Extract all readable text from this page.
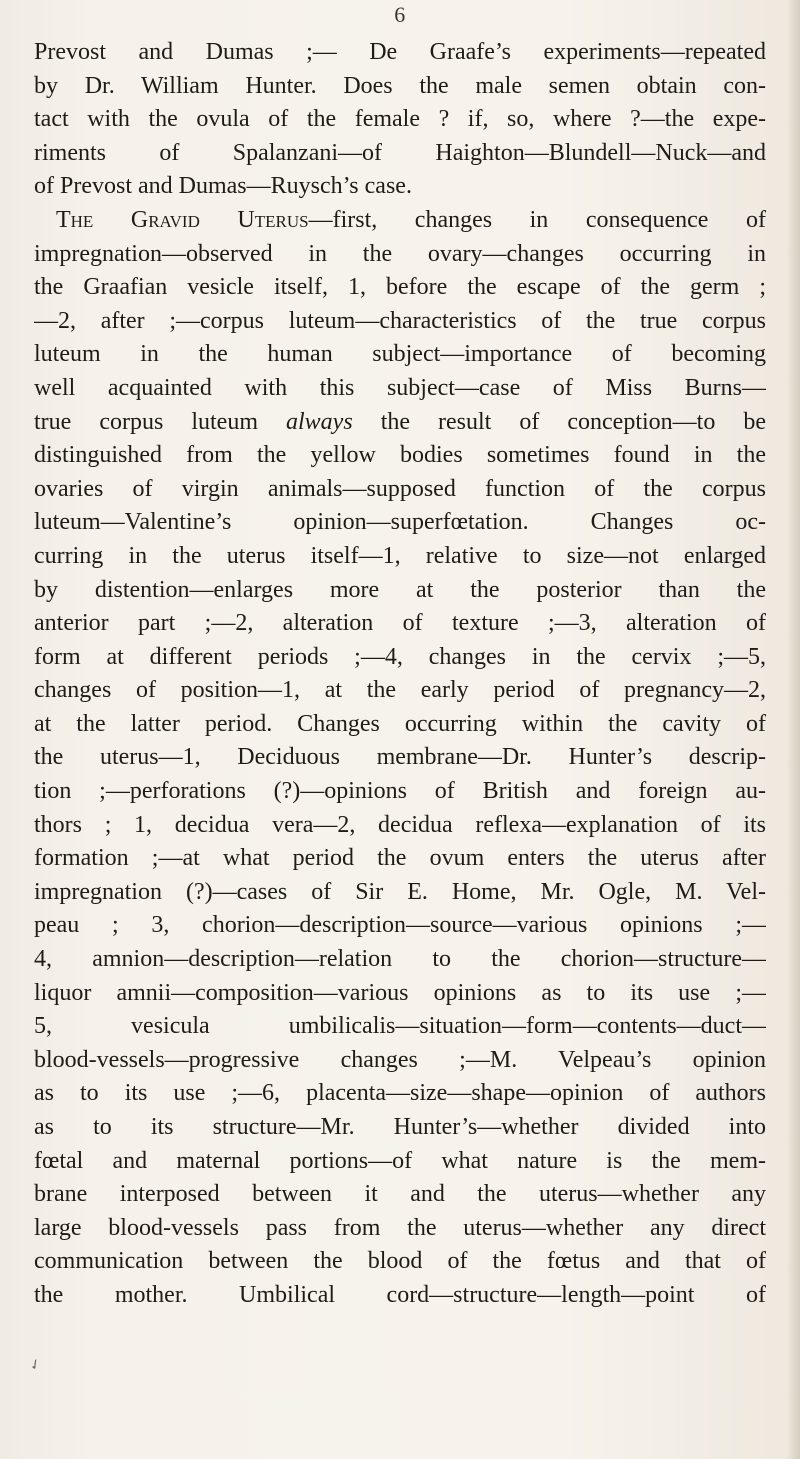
6
Prevost and Dumas ;— De Graafe’s experiments—repeated
by Dr. William Hunter. Does the male semen obtain con-
tact with the ovula of the female ? if, so, where ?—the expe-
riments of Spalanzani—of Haighton—Blundell—Nuck—and
of Prevost and Dumas—Ruysch’s case.
The Gravid Uterus—first, changes in consequence of
impregnation—observed in the ovary—changes occurring in
the Graafian vesicle itself, 1, before the escape of the germ ;
—2, after ;—corpus luteum—characteristics of the true corpus
luteum in the human subject—importance of becoming
well acquainted with this subject—case of Miss Burns—
true corpus luteum always the result of conception—to be
distinguished from the yellow bodies sometimes found in the
ovaries of virgin animals—supposed function of the corpus
luteum—Valentine’s opinion—superfœtation. Changes oc-
curring in the uterus itself—1, relative to size—not enlarged
by distention—enlarges more at the posterior than the
anterior part ;—2, alteration of texture ;—3, alteration of
form at different periods ;—4, changes in the cervix ;—5,
changes of position—1, at the early period of pregnancy—2,
at the latter period. Changes occurring within the cavity of
the uterus—1, Deciduous membrane—Dr. Hunter’s descrip-
tion ;—perforations (?)—opinions of British and foreign au-
thors ; 1, decidua vera—2, decidua reflexa—explanation of its
formation ;—at what period the ovum enters the uterus after
impregnation (?)—cases of Sir E. Home, Mr. Ogle, M. Vel-
peau ; 3, chorion—description—source—various opinions ;—
4, amnion—description—relation to the chorion—structure—
liquor amnii—composition—various opinions as to its use ;—
5, vesicula umbilicalis—situation—form—contents—duct—
blood-vessels—progressive changes ;—M. Velpeau’s opinion
as to its use ;—6, placenta—size—shape—opinion of authors
as to its structure—Mr. Hunter’s—whether divided into
fœtal and maternal portions—of what nature is the mem-
brane interposed between it and the uterus—whether any
large blood-vessels pass from the uterus—whether any direct
communication between the blood of the fœtus and that of
the mother. Umbilical cord—structure—length—point of
✓
